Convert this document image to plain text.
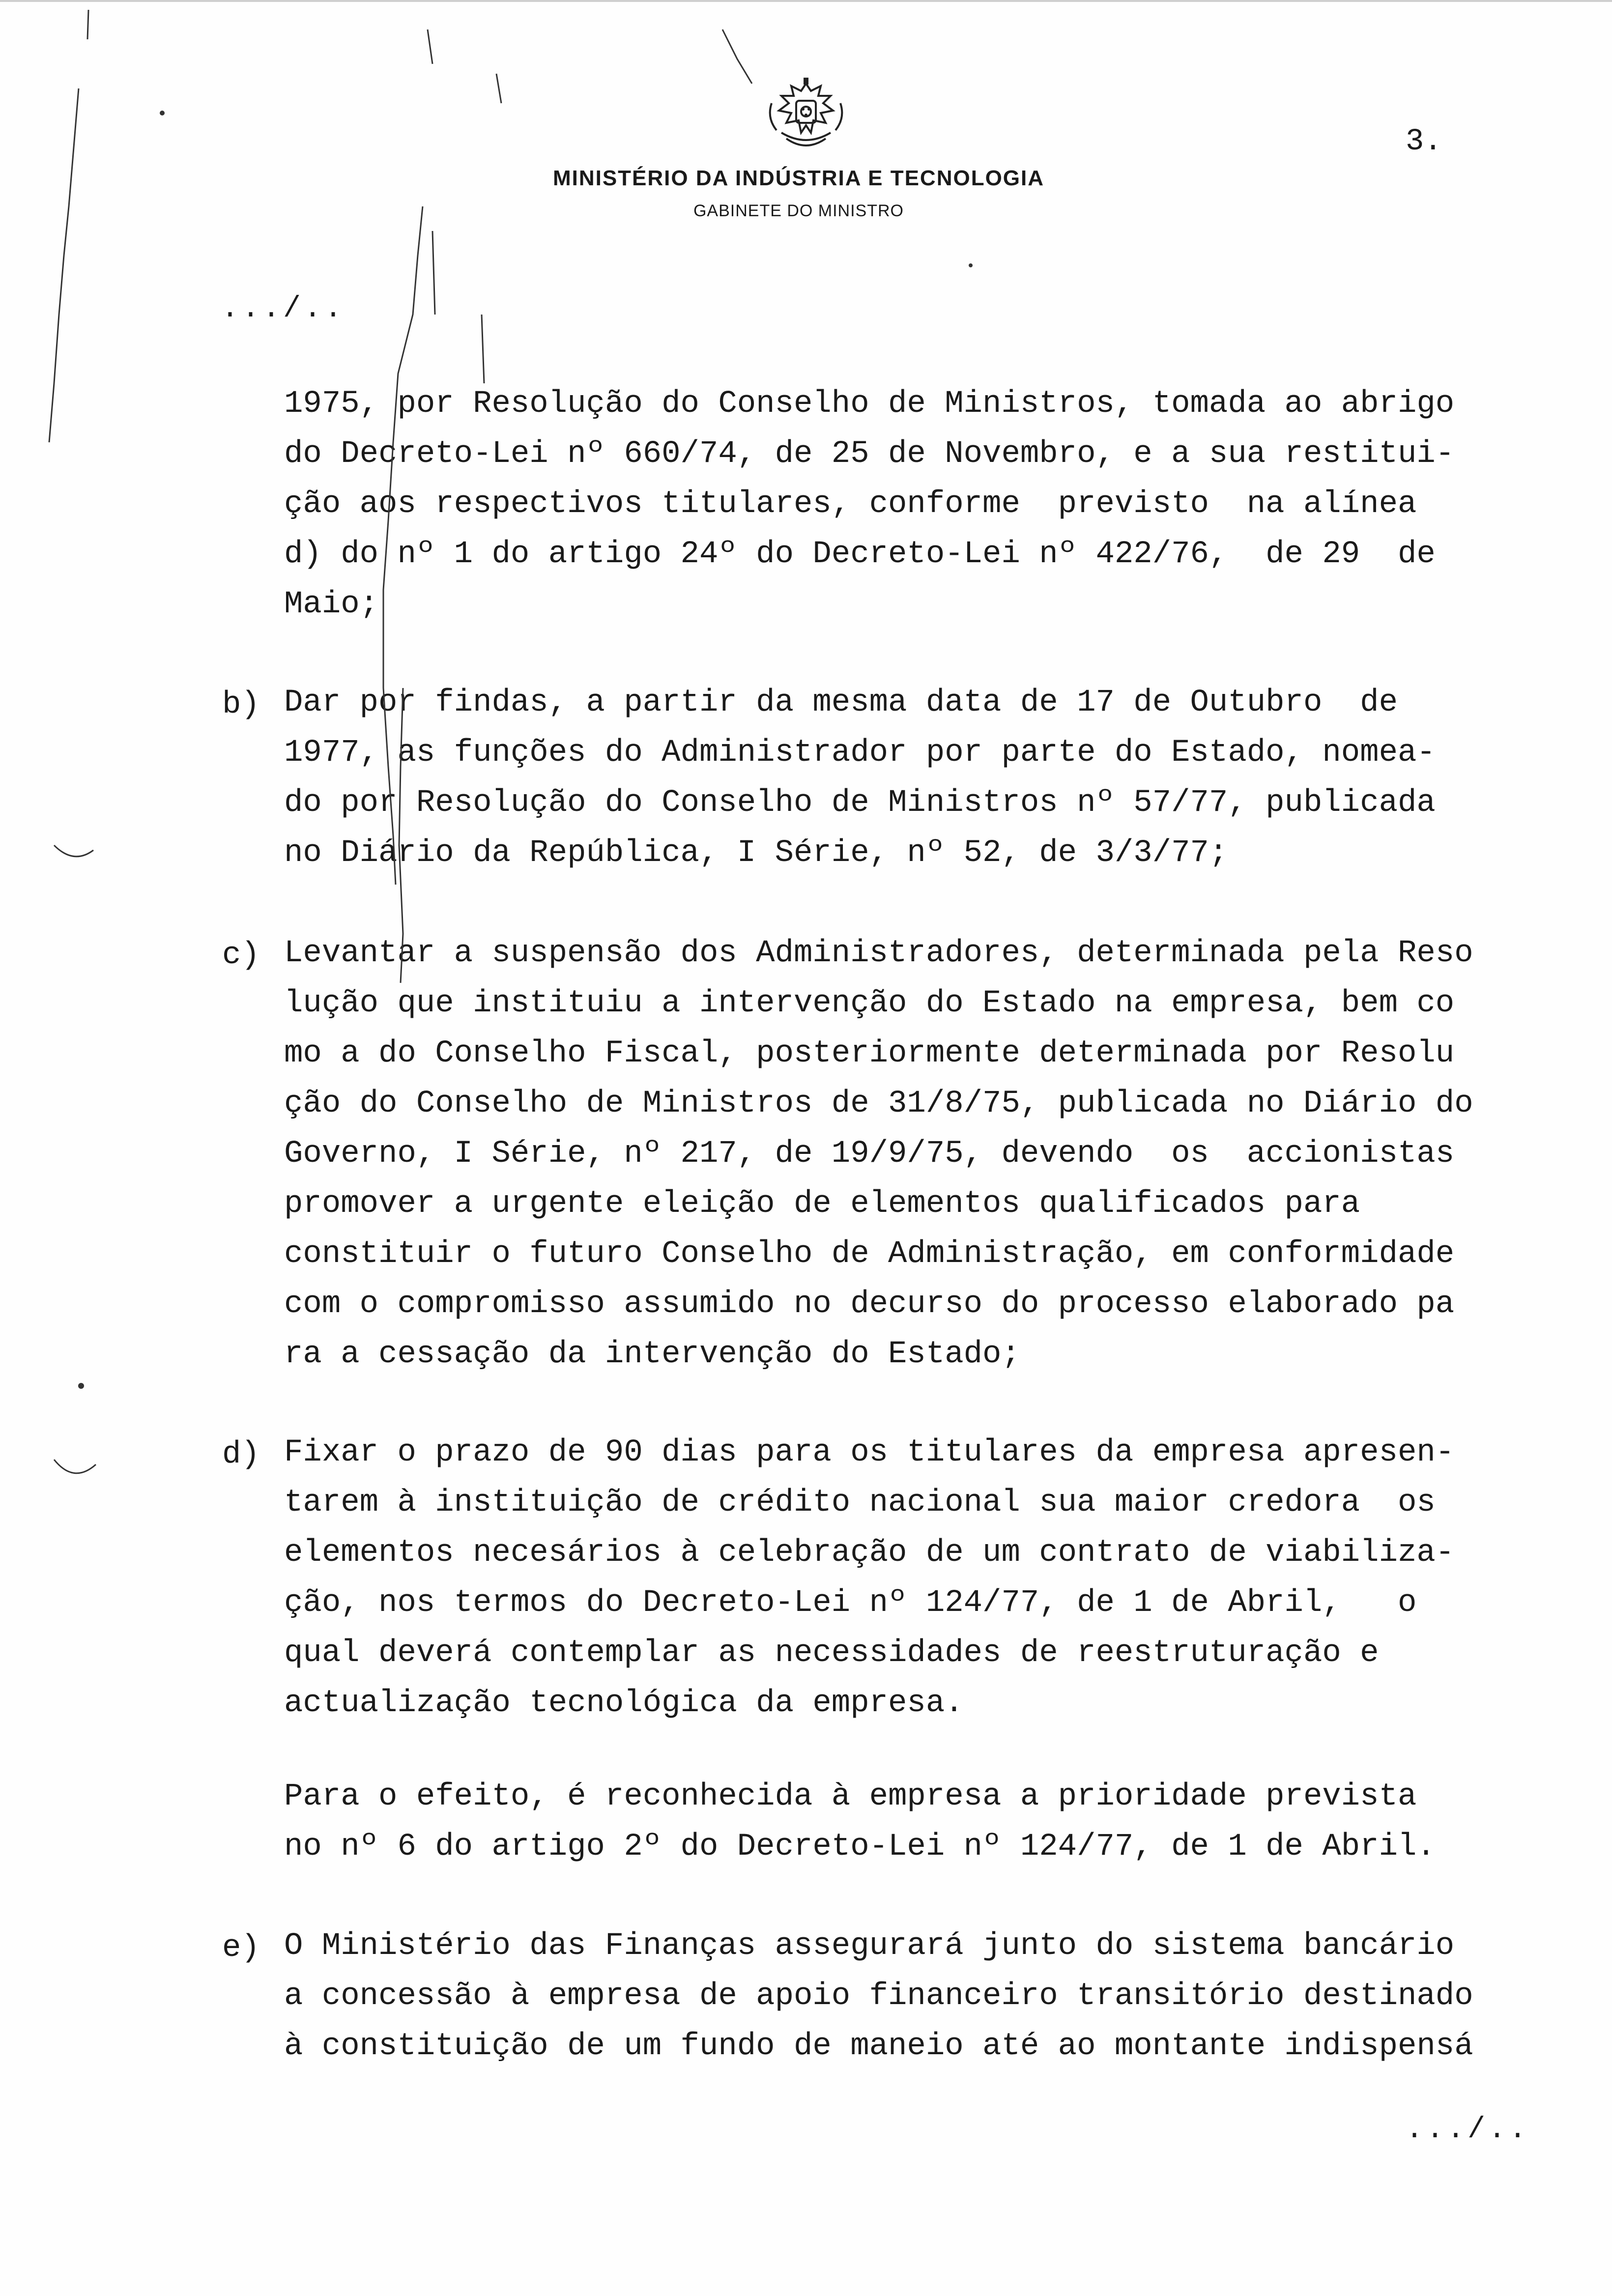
MINISTÉRIO DA INDÚSTRIA E TECNOLOGIA
GABINETE DO MINISTRO
3.
.../..
1975, por Resolução do Conselho de Ministros, tomada ao abrigo
do Decreto-Lei nº 660/74, de 25 de Novembro, e a sua restitui-
ção aos respectivos titulares, conforme  previsto  na alínea
d) do nº 1 do artigo 24º do Decreto-Lei nº 422/76,  de 29  de
Maio;
b) Dar por findas, a partir da mesma data de 17 de Outubro  de
1977, as funções do Administrador por parte do Estado, nomea-
do por Resolução do Conselho de Ministros nº 57/77, publicada
no Diário da República, I Série, nº 52, de 3/3/77;
c) Levantar a suspensão dos Administradores, determinada pela Reso
lução que instituiu a intervenção do Estado na empresa, bem co
mo a do Conselho Fiscal, posteriormente determinada por Resolu
ção do Conselho de Ministros de 31/8/75, publicada no Diário do
Governo, I Série, nº 217, de 19/9/75, devendo  os  accionistas
promover a urgente eleição de elementos qualificados para
constituir o futuro Conselho de Administração, em conformidade
com o compromisso assumido no decurso do processo elaborado pa
ra a cessação da intervenção do Estado;
d) Fixar o prazo de 90 dias para os titulares da empresa apresen-
tarem à instituição de crédito nacional sua maior credora  os
elementos necesários à celebração de um contrato de viabiliza-
ção, nos termos do Decreto-Lei nº 124/77, de 1 de Abril,   o
qual deverá contemplar as necessidades de reestruturação e
actualização tecnológica da empresa.
Para o efeito, é reconhecida à empresa a prioridade prevista
no nº 6 do artigo 2º do Decreto-Lei nº 124/77, de 1 de Abril.
e) O Ministério das Finanças assegurará junto do sistema bancário
a concessão à empresa de apoio financeiro transitório destinado
à constituição de um fundo de maneio até ao montante indispensá
.../..
